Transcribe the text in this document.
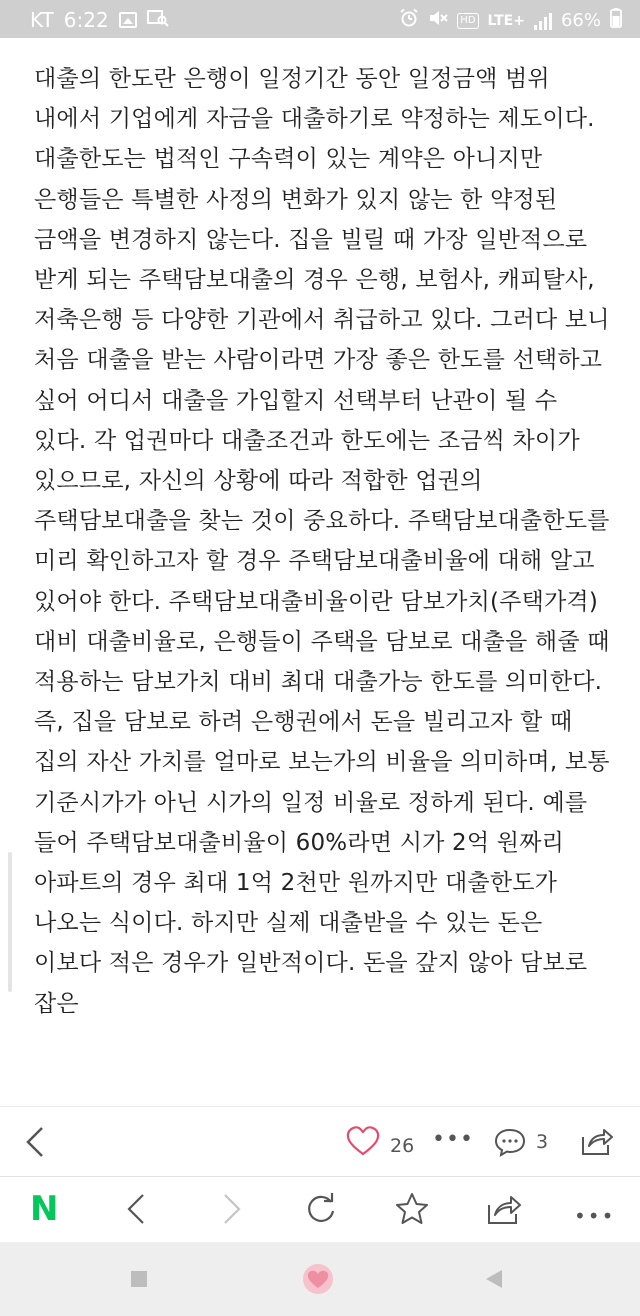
KT 6:22	HD LTE+ 66%

대출의 한도란 은행이 일정기간 동안 일정금액 범위 내에서 기업에게 자금을 대출하기로 약정하는 제도이다. 대출한도는 법적인 구속력이 있는 계약은 아니지만 은행들은 특별한 사정의 변화가 있지 않는 한 약정된 금액을 변경하지 않는다. 집을 빌릴 때 가장 일반적으로 받게 되는 주택담보대출의 경우 은행, 보험사, 캐피탈사, 저축은행 등 다양한 기관에서 취급하고 있다. 그러다 보니 처음 대출을 받는 사람이라면 가장 좋은 한도를 선택하고 싶어 어디서 대출을 가입할지 선택부터 난관이 될 수 있다. 각 업권마다 대출조건과 한도에는 조금씩 차이가 있으므로, 자신의 상황에 따라 적합한 업권의 주택담보대출을 찾는 것이 중요하다. 주택담보대출한도를 미리 확인하고자 할 경우 주택담보대출비율에 대해 알고 있어야 한다. 주택담보대출비율이란 담보가치(주택가격) 대비 대출비율로, 은행들이 주택을 담보로 대출을 해줄 때 적용하는 담보가치 대비 최대 대출가능 한도를 의미한다. 즉, 집을 담보로 하려 은행권에서 돈을 빌리고자 할 때 집의 자산 가치를 얼마로 보는가의 비율을 의미하며, 보통 기준시가가 아닌 시가의 일정 비율로 정하게 된다. 예를 들어 주택담보대출비율이 60%라면 시가 2억 원짜리 아파트의 경우 최대 1억 2천만 원까지만 대출한도가 나오는 식이다. 하지만 실제 대출받을 수 있는 돈은 이보다 적은 경우가 일반적이다. 돈을 갚지 않아 담보로 잡은

26 •••	3
N	•••
